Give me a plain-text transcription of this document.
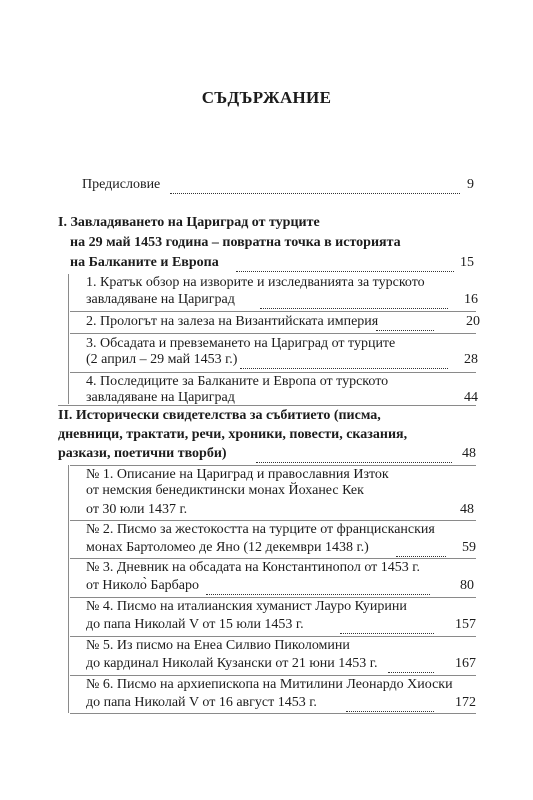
СЪДЪРЖАНИЕ
Предисловие	9
I. Завладяването на Цариград от турците
на 29 май 1453 година – повратна точка в историята
на Балканите и Европа	15
1. Кратък обзор на изворите и изследванията за турското
завладяване на Цариград	16
2. Прологът на залеза на Византийската империя	20
3. Обсадата и превземането на Цариград от турците
(2 април – 29 май 1453 г.)	28
4. Последиците за Балканите и Европа от турското
завладяване на Цариград	44
II. Исторически свидетелства за събитието (писма,
дневници, трактати, речи, хроники, повести, сказания,
разкази, поетични творби)	48
№ 1. Описание на Цариград и православния Изток
от немския бенедиктински монах Йоханес Кек
от 30 юли 1437 г.	48
№ 2. Писмо за жестокостта на турците от францисканския
монах Бартоломео де Яно (12 декември 1438 г.)	59
№ 3. Дневник на обсадата на Константинопол от 1453 г.
от Николо̀ Барбаро	80
№ 4. Писмо на италианския хуманист Лауро Куирини
до папа Николай V от 15 юли 1453 г.	157
№ 5. Из писмо на Енеа Силвио Пиколомини
до кардинал Николай Кузански от 21 юни 1453 г.	167
№ 6. Писмо на архиепископа на Митилини Леонардо Хиоски
до папа Николай V от 16 август 1453 г.	172
